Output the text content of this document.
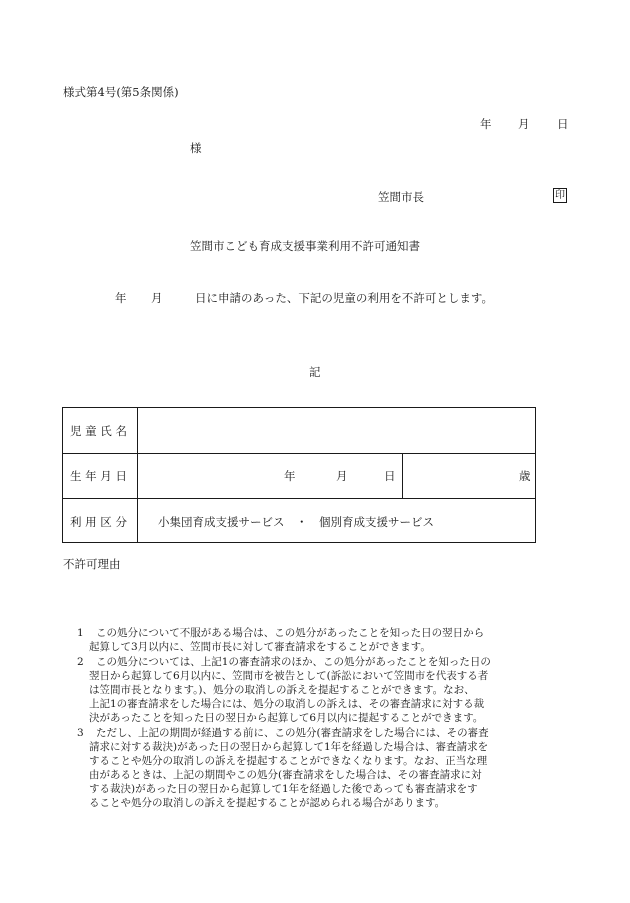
様式第4号(第5条関係)
年 月 日
様
笠間市長	印
笠間市こども育成支援事業利用不許可通知書
年 月	日に申請のあった、下記の児童の利用を不許可とします。
記
児 童 氏 名
生 年 月 日	年	月	日	歳
利 用 区 分	小集団育成支援サービス　・　個別育成支援サービス
不許可理由
1 この処分について不服がある場合は、この処分があったことを知った日の翌日から
起算して3月以内に、笠間市長に対して審査請求をすることができます。
2 この処分については、上記1の審査請求のほか、この処分があったことを知った日の
翌日から起算して6月以内に、笠間市を被告として(訴訟において笠間市を代表する者
は笠間市長となります。)、処分の取消しの訴えを提起することができます。なお、
上記1の審査請求をした場合には、処分の取消しの訴えは、その審査請求に対する裁
決があったことを知った日の翌日から起算して6月以内に提起することができます。
3 ただし、上記の期間が経過する前に、この処分(審査請求をした場合には、その審査
請求に対する裁決)があった日の翌日から起算して1年を経過した場合は、審査請求を
することや処分の取消しの訴えを提起することができなくなります。なお、正当な理
由があるときは、上記の期間やこの処分(審査請求をした場合は、その審査請求に対
する裁決)があった日の翌日から起算して1年を経過した後であっても審査請求をす
ることや処分の取消しの訴えを提起することが認められる場合があります。
